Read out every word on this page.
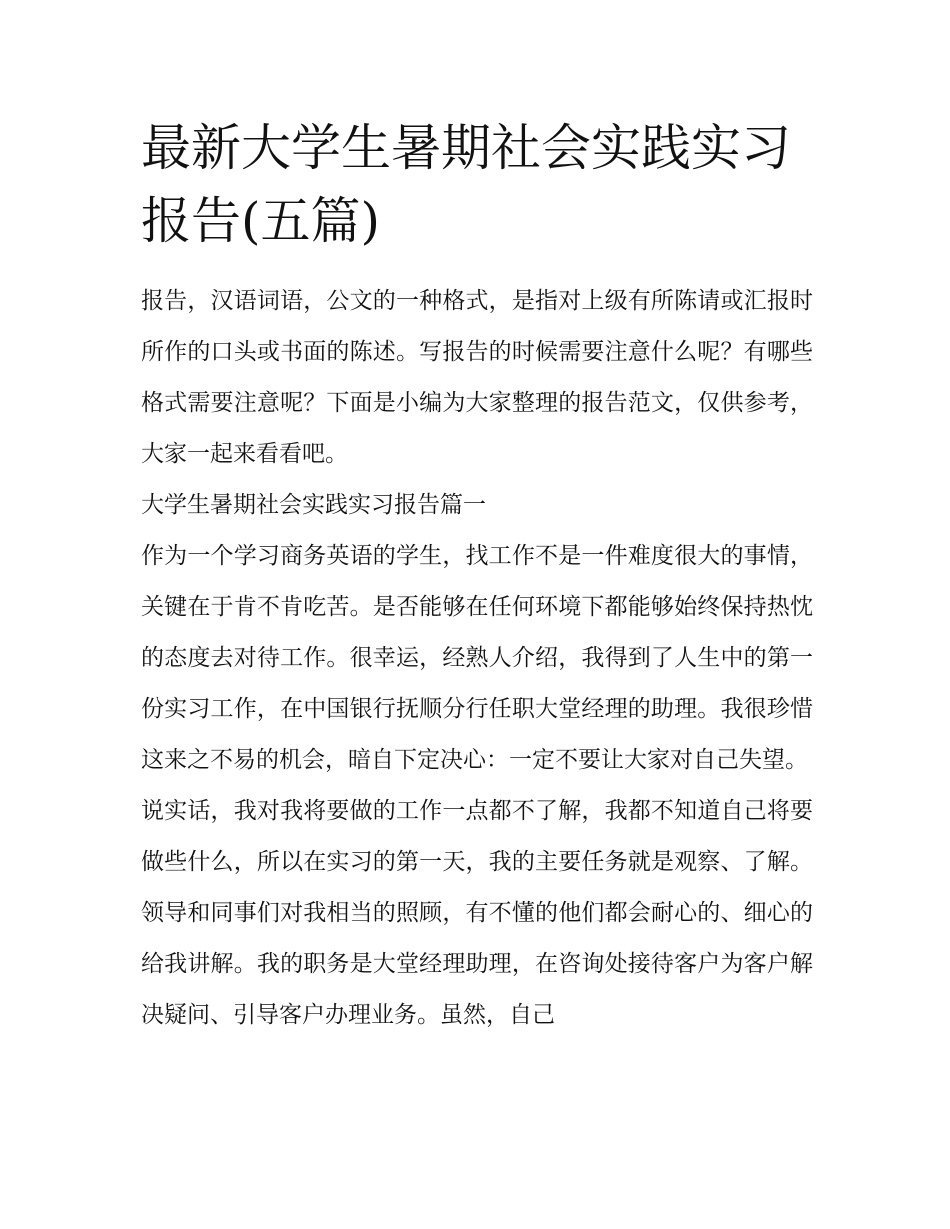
最新大学生暑期社会实践实习报告(五篇)

报告，汉语词语，公文的一种格式，是指对上级有所陈请或汇报时所作的口头或书面的陈述。写报告的时候需要注意什么呢？有哪些格式需要注意呢？下面是小编为大家整理的报告范文，仅供参考，大家一起来看看吧。

大学生暑期社会实践实习报告篇一

作为一个学习商务英语的学生，找工作不是一件难度很大的事情，关键在于肯不肯吃苦。是否能够在任何环境下都能够始终保持热忱的态度去对待工作。很幸运，经熟人介绍，我得到了人生中的第一份实习工作，在中国银行抚顺分行任职大堂经理的助理。我很珍惜这来之不易的机会，暗自下定决心：一定不要让大家对自己失望。

说实话，我对我将要做的工作一点都不了解，我都不知道自己将要做些什么，所以在实习的第一天，我的主要任务就是观察、了解。领导和同事们对我相当的照顾，有不懂的他们都会耐心的、细心的给我讲解。我的职务是大堂经理助理，在咨询处接待客户为客户解决疑问、引导客户办理业务。虽然，自己
